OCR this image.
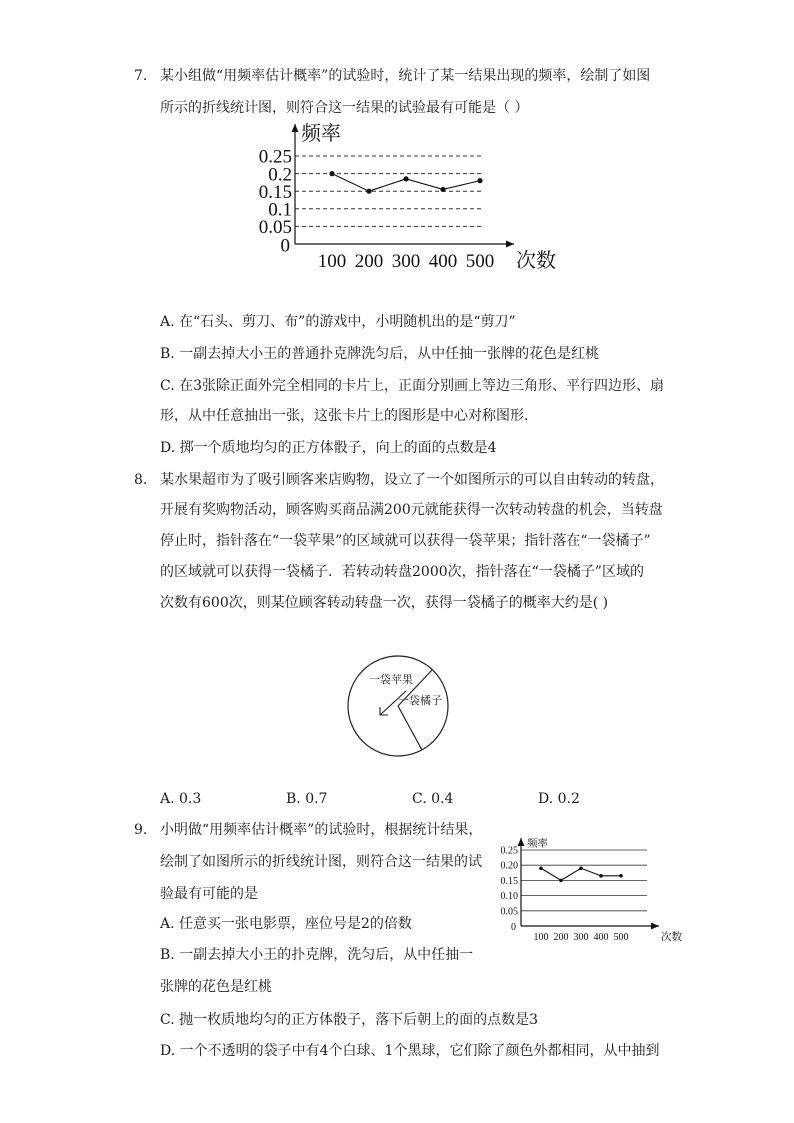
7. 某小组做“用频率估计概率”的试验时，统计了某一结果出现的频率，绘制了如图
所示的折线统计图，则符合这一结果的试验最有可能是（ ）
0.05
0.1
0.15
0.2
0.25
0
100 200 300 400 500
频率
次数
A. 在“石头、剪刀、布”的游戏中，小明随机出的是“剪刀”
B. 一副去掉大小王的普通扑克牌洗匀后，从中任抽一张牌的花色是红桃
C. 在3张除正面外完全相同的卡片上，正面分别画上等边三角形、平行四边形、扇
形，从中任意抽出一张，这张卡片上的图形是中心对称图形．
D. 掷一个质地均匀的正方体骰子，向上的面的点数是4
8. 某水果超市为了吸引顾客来店购物，设立了一个如图所示的可以自由转动的转盘，
开展有奖购物活动，顾客购买商品满200元就能获得一次转动转盘的机会，当转盘
停止时，指针落在“一袋苹果”的区域就可以获得一袋苹果；指针落在“一袋橘子”
的区域就可以获得一袋橘子．若转动转盘2000次，指针落在“一袋橘子”区域的
次数有600次，则某位顾客转动转盘一次，获得一袋橘子的概率大约是( )
一袋苹果
一袋橘子
A. 0.3	B. 0.7	C. 0.4	D. 0.2
9. 小明做“用频率估计概率”的试验时，根据统计结果，
绘制了如图所示的折线统计图，则符合这一结果的试
验最有可能的是
0.05
0.10
0.15
0.20
0.25
0
100 200 300 400 500
频率
次数
A. 任意买一张电影票，座位号是2的倍数
B. 一副去掉大小王的扑克牌，洗匀后，从中任抽一
张牌的花色是红桃
C. 抛一枚质地均匀的正方体骰子，落下后朝上的面的点数是3
D. 一个不透明的袋子中有4个白球、1个黑球，它们除了颜色外都相同，从中抽到
